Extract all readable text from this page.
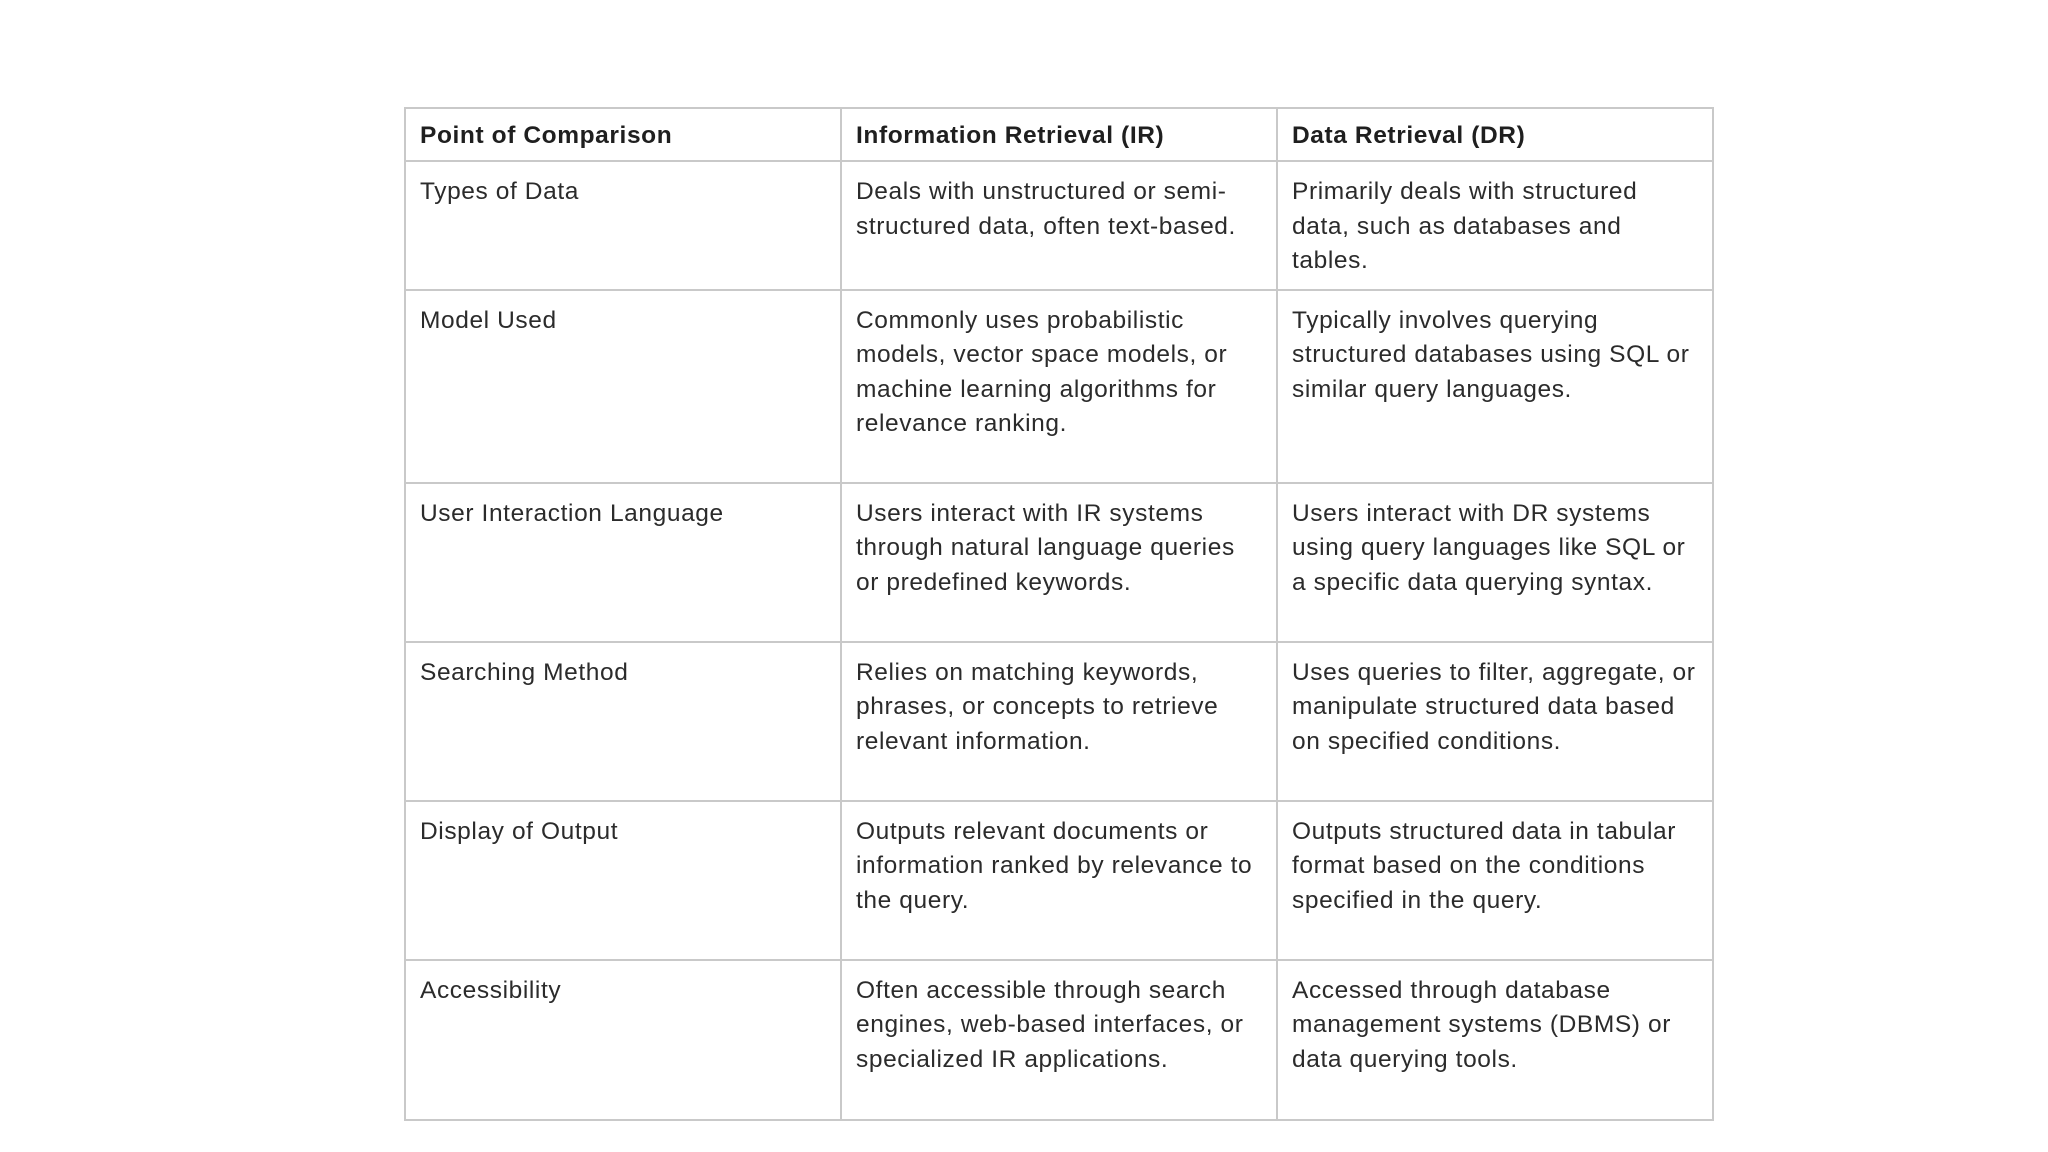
Point of Comparison	Information Retrieval (IR)	Data Retrieval (DR)
Types of Data	Deals with unstructured or semi-structured data, often text-based.	Primarily deals with structured data, such as databases and tables.
Model Used	Commonly uses probabilistic models, vector space models, or machine learning algorithms for relevance ranking.	Typically involves querying structured databases using SQL or similar query languages.
User Interaction Language	Users interact with IR systems through natural language queries or predefined keywords.	Users interact with DR systems using query languages like SQL or a specific data querying syntax.
Searching Method	Relies on matching keywords, phrases, or concepts to retrieve relevant information.	Uses queries to filter, aggregate, or manipulate structured data based on specified conditions.
Display of Output	Outputs relevant documents or information ranked by relevance to the query.	Outputs structured data in tabular format based on the conditions specified in the query.
Accessibility	Often accessible through search engines, web-based interfaces, or specialized IR applications.	Accessed through database management systems (DBMS) or data querying tools.
